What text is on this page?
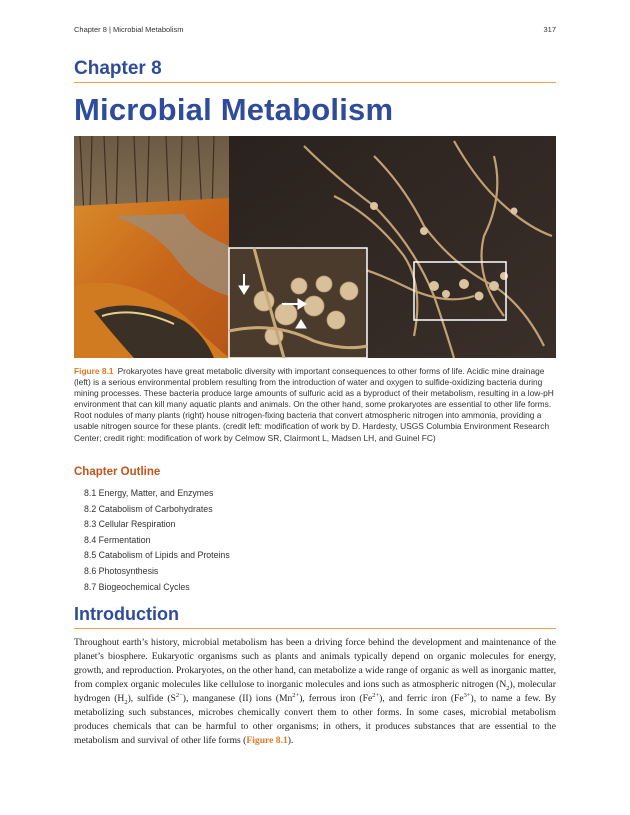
Chapter 8 | Microbial Metabolism	317
Chapter 8
Microbial Metabolism
Figure 8.1 Prokaryotes have great metabolic diversity with important consequences to other forms of life. Acidic mine drainage (left) is a serious environmental problem resulting from the introduction of water and oxygen to sulfide-oxidizing bacteria during mining processes. These bacteria produce large amounts of sulfuric acid as a byproduct of their metabolism, resulting in a low-pH environment that can kill many aquatic plants and animals. On the other hand, some prokaryotes are essential to other life forms. Root nodules of many plants (right) house nitrogen-fixing bacteria that convert atmospheric nitrogen into ammonia, providing a usable nitrogen source for these plants. (credit left: modification of work by D. Hardesty, USGS Columbia Environment Research Center; credit right: modification of work by Celmow SR, Clairmont L, Madsen LH, and Guinel FC)
Chapter Outline
8.1 Energy, Matter, and Enzymes
8.2 Catabolism of Carbohydrates
8.3 Cellular Respiration
8.4 Fermentation
8.5 Catabolism of Lipids and Proteins
8.6 Photosynthesis
8.7 Biogeochemical Cycles
Introduction

Throughout earth’s history, microbial metabolism has been a driving force behind the development and maintenance of the planet’s biosphere. Eukaryotic organisms such as plants and animals typically depend on organic molecules for energy, growth, and reproduction. Prokaryotes, on the other hand, can metabolize a wide range of organic as well as inorganic matter, from complex organic molecules like cellulose to inorganic molecules and ions such as atmospheric nitrogen $(N_2)$, molecular hydrogen $(H_2)$, sulfide $(S^{2-})$, manganese (II) ions $(Mn^{2+})$, ferrous iron $(Fe^{2+})$, and ferric iron $(Fe^{3+})$, to name a few. By metabolizing such substances, microbes chemically convert them to other forms. In some cases, microbial metabolism produces chemicals that can be harmful to other organisms; in others, it produces substances that are essential to the metabolism and survival of other life forms (Figure 8.1).
